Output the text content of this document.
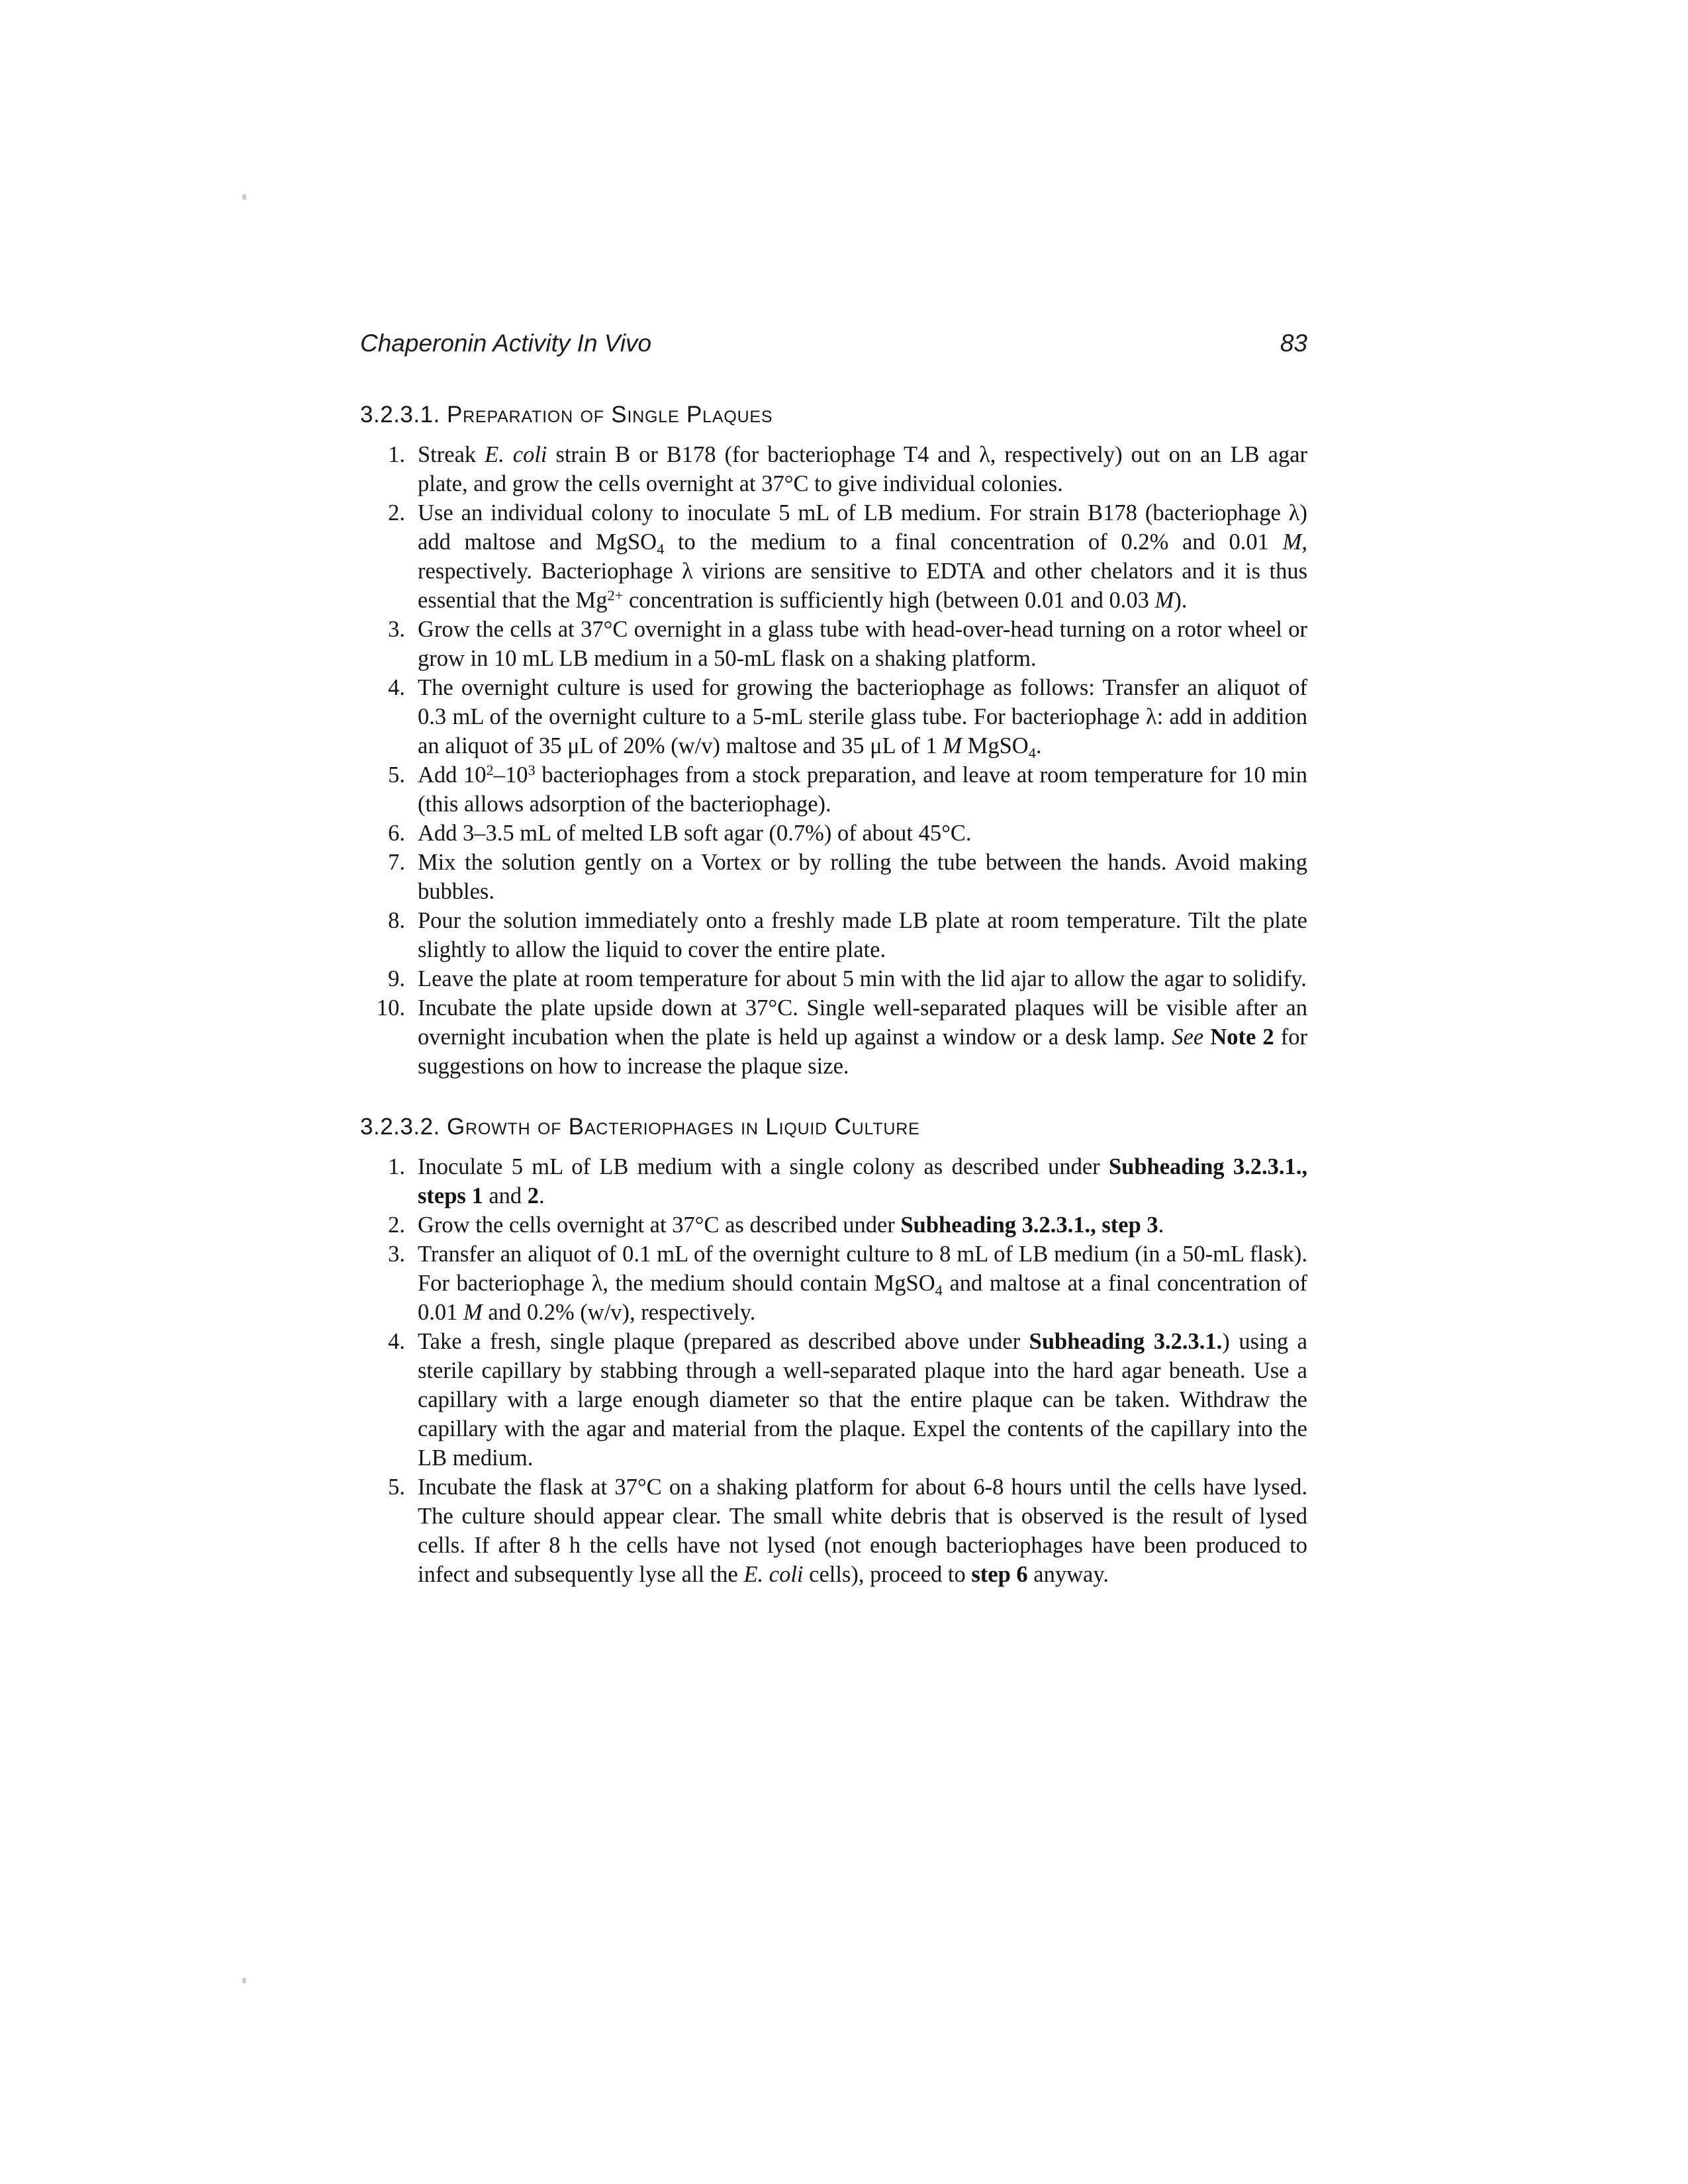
Chaperonin Activity In Vivo	83
3.2.3.1. Preparation of Single Plaques
1. Streak E. coli strain B or B178 (for bacteriophage T4 and λ, respectively) out on an LB agar plate, and grow the cells overnight at 37°C to give individual colonies.
2. Use an individual colony to inoculate 5 mL of LB medium. For strain B178 (bacteriophage λ) add maltose and MgSO4 to the medium to a final concentration of 0.2% and 0.01 M, respectively. Bacteriophage λ virions are sensitive to EDTA and other chelators and it is thus essential that the $Mg^{2+}$ concentration is sufficiently high (between 0.01 and 0.03 M).
3. Grow the cells at 37°C overnight in a glass tube with head-over-head turning on a rotor wheel or grow in 10 mL LB medium in a 50-mL flask on a shaking platform.
4. The overnight culture is used for growing the bacteriophage as follows: Transfer an aliquot of 0.3 mL of the overnight culture to a 5-mL sterile glass tube. For bacteriophage λ: add in addition an aliquot of 35 μL of 20% (w/v) maltose and 35 μL of 1 M MgSO4.
5. Add $10^2-10^3$ bacteriophages from a stock preparation, and leave at room temperature for 10 min (this allows adsorption of the bacteriophage).
6. Add 3–3.5 mL of melted LB soft agar (0.7%) of about 45°C.
7. Mix the solution gently on a Vortex or by rolling the tube between the hands. Avoid making bubbles.
8. Pour the solution immediately onto a freshly made LB plate at room temperature. Tilt the plate slightly to allow the liquid to cover the entire plate.
9. Leave the plate at room temperature for about 5 min with the lid ajar to allow the agar to solidify.
10. Incubate the plate upside down at 37°C. Single well-separated plaques will be visible after an overnight incubation when the plate is held up against a window or a desk lamp. See Note 2 for suggestions on how to increase the plaque size.
3.2.3.2. Growth of Bacteriophages in Liquid Culture
1. Inoculate 5 mL of LB medium with a single colony as described under Subheading 3.2.3.1., steps 1 and 2.
2. Grow the cells overnight at 37°C as described under Subheading 3.2.3.1., step 3.
3. Transfer an aliquot of 0.1 mL of the overnight culture to 8 mL of LB medium (in a 50-mL flask). For bacteriophage λ, the medium should contain MgSO4 and maltose at a final concentration of 0.01 M and 0.2% (w/v), respectively.
4. Take a fresh, single plaque (prepared as described above under Subheading 3.2.3.1.) using a sterile capillary by stabbing through a well-separated plaque into the hard agar beneath. Use a capillary with a large enough diameter so that the entire plaque can be taken. Withdraw the capillary with the agar and material from the plaque. Expel the contents of the capillary into the LB medium.
5. Incubate the flask at 37°C on a shaking platform for about 6-8 hours until the cells have lysed. The culture should appear clear. The small white debris that is observed is the result of lysed cells. If after 8 h the cells have not lysed (not enough bacteriophages have been produced to infect and subsequently lyse all the E. coli cells), proceed to step 6 anyway.
